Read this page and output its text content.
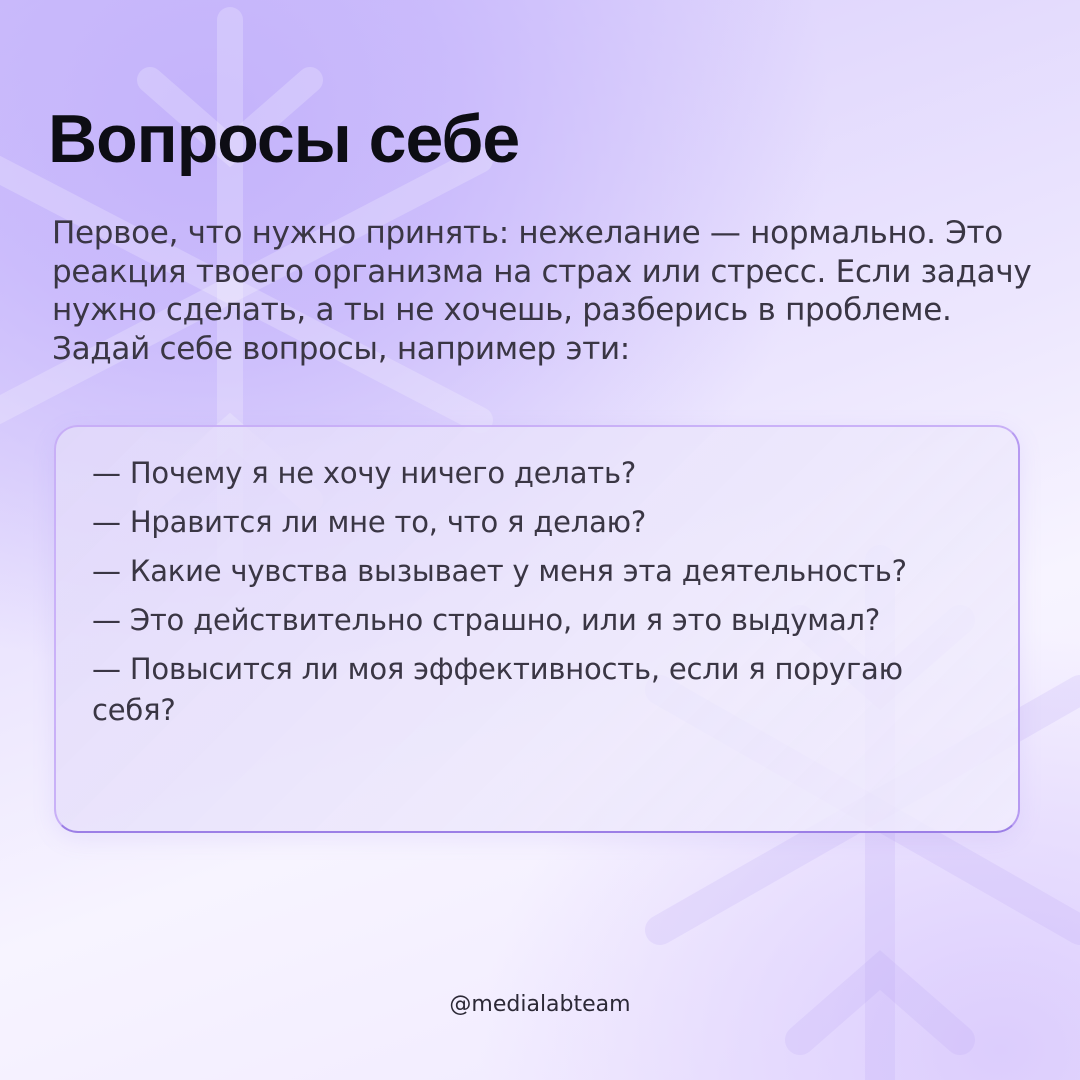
Вопросы себе

Первое, что нужно принять: нежелание — нормально. Это реакция твоего организма на страх или стресс. Если задачу нужно сделать, а ты не хочешь, разберись в проблеме. Задай себе вопросы, например эти:

— Почему я не хочу ничего делать?
— Нравится ли мне то, что я делаю?
— Какие чувства вызывает у меня эта деятельность?
— Это действительно страшно, или я это выдумал?
— Повысится ли моя эффективность, если я поругаю себя?
@medialabteam
